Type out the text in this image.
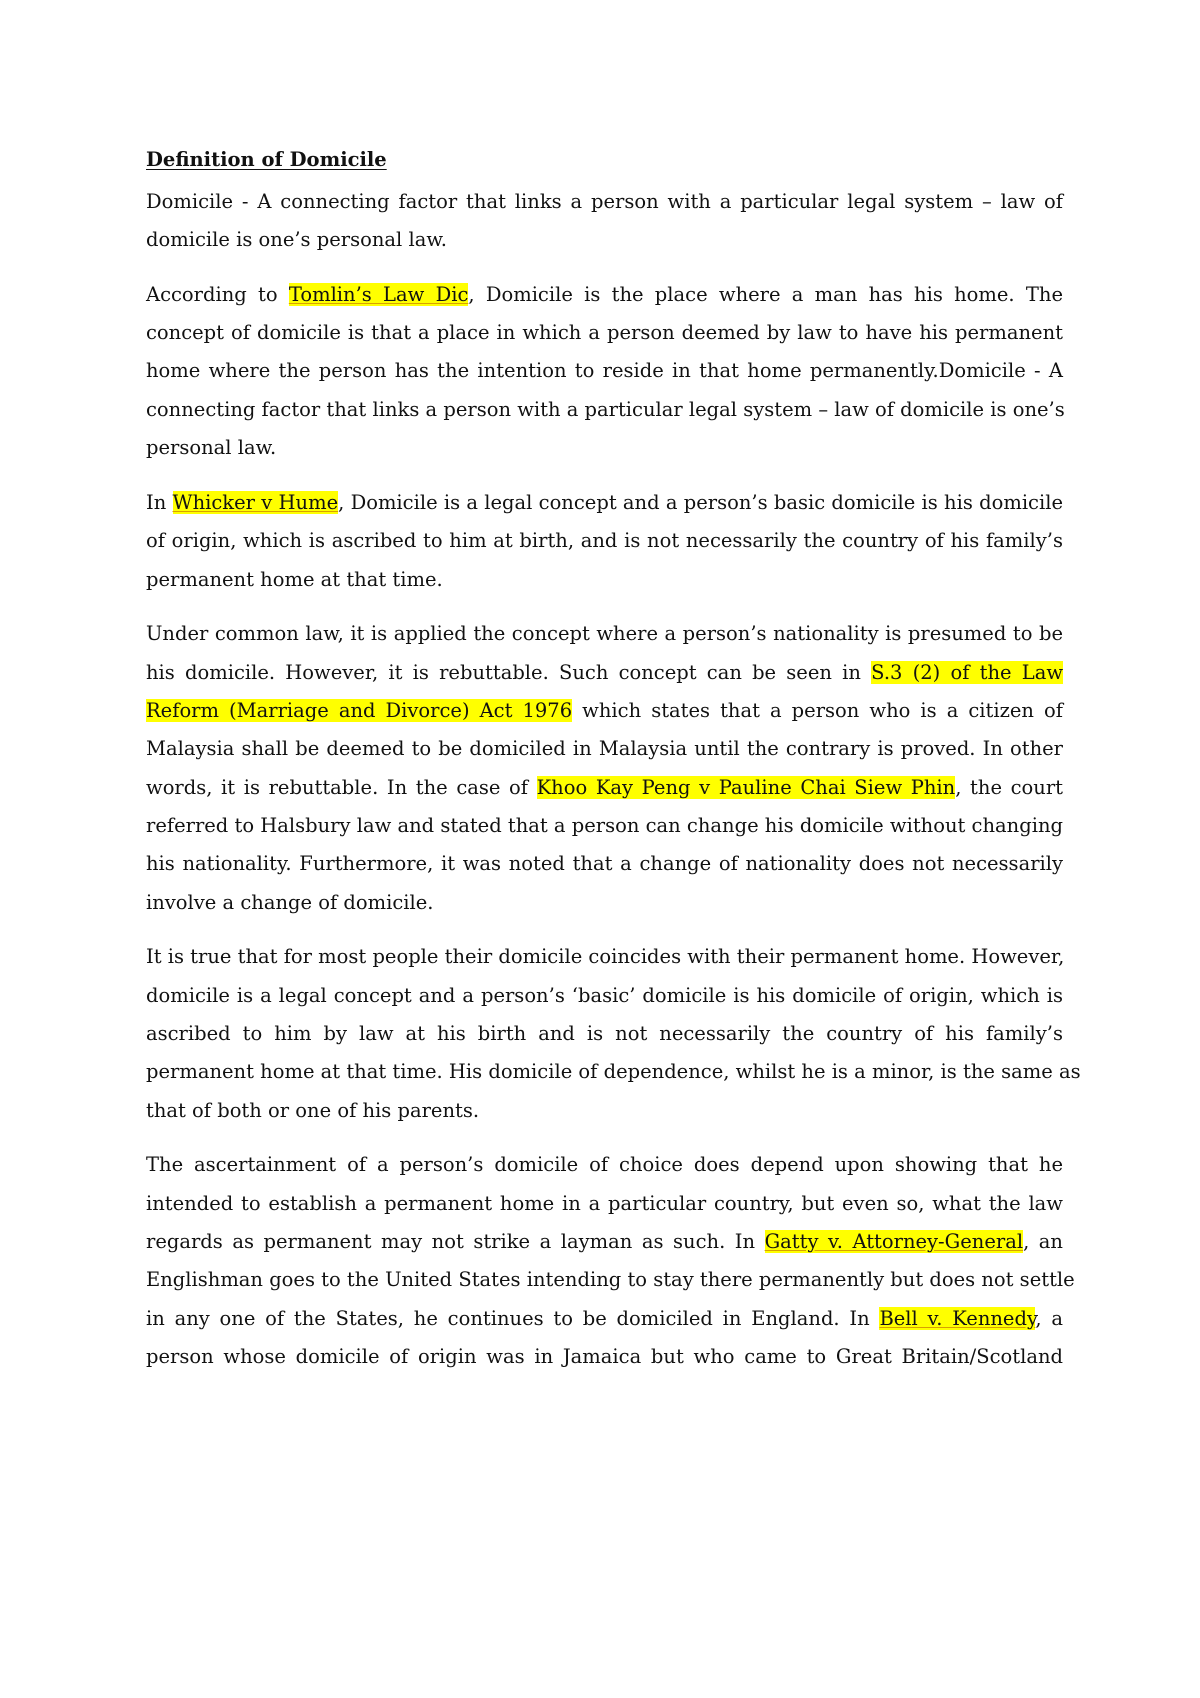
Definition of Domicile
Domicile - A connecting factor that links a person with a particular legal system – law of
domicile is one’s personal law.
According to Tomlin’s Law Dic, Domicile is the place where a man has his home. The
concept of domicile is that a place in which a person deemed by law to have his permanent
home where the person has the intention to reside in that home permanently.Domicile - A
connecting factor that links a person with a particular legal system – law of domicile is one’s
personal law.
In Whicker v Hume, Domicile is a legal concept and a person’s basic domicile is his domicile
of origin, which is ascribed to him at birth, and is not necessarily the country of his family’s
permanent home at that time.
Under common law, it is applied the concept where a person’s nationality is presumed to be
his domicile. However, it is rebuttable. Such concept can be seen in S.3 (2) of the Law
Reform (Marriage and Divorce) Act 1976 which states that a person who is a citizen of
Malaysia shall be deemed to be domiciled in Malaysia until the contrary is proved. In other
words, it is rebuttable. In the case of Khoo Kay Peng v Pauline Chai Siew Phin, the court
referred to Halsbury law and stated that a person can change his domicile without changing
his nationality. Furthermore, it was noted that a change of nationality does not necessarily
involve a change of domicile.
It is true that for most people their domicile coincides with their permanent home. However,
domicile is a legal concept and a person’s ‘basic’ domicile is his domicile of origin, which is
ascribed to him by law at his birth and is not necessarily the country of his family’s
permanent home at that time. His domicile of dependence, whilst he is a minor, is the same as
that of both or one of his parents.
The ascertainment of a person’s domicile of choice does depend upon showing that he
intended to establish a permanent home in a particular country, but even so, what the law
regards as permanent may not strike a layman as such. In Gatty v. Attorney-General, an
Englishman goes to the United States intending to stay there permanently but does not settle
in any one of the States, he continues to be domiciled in England. In Bell v. Kennedy, a
person whose domicile of origin was in Jamaica but who came to Great Britain/Scotland
